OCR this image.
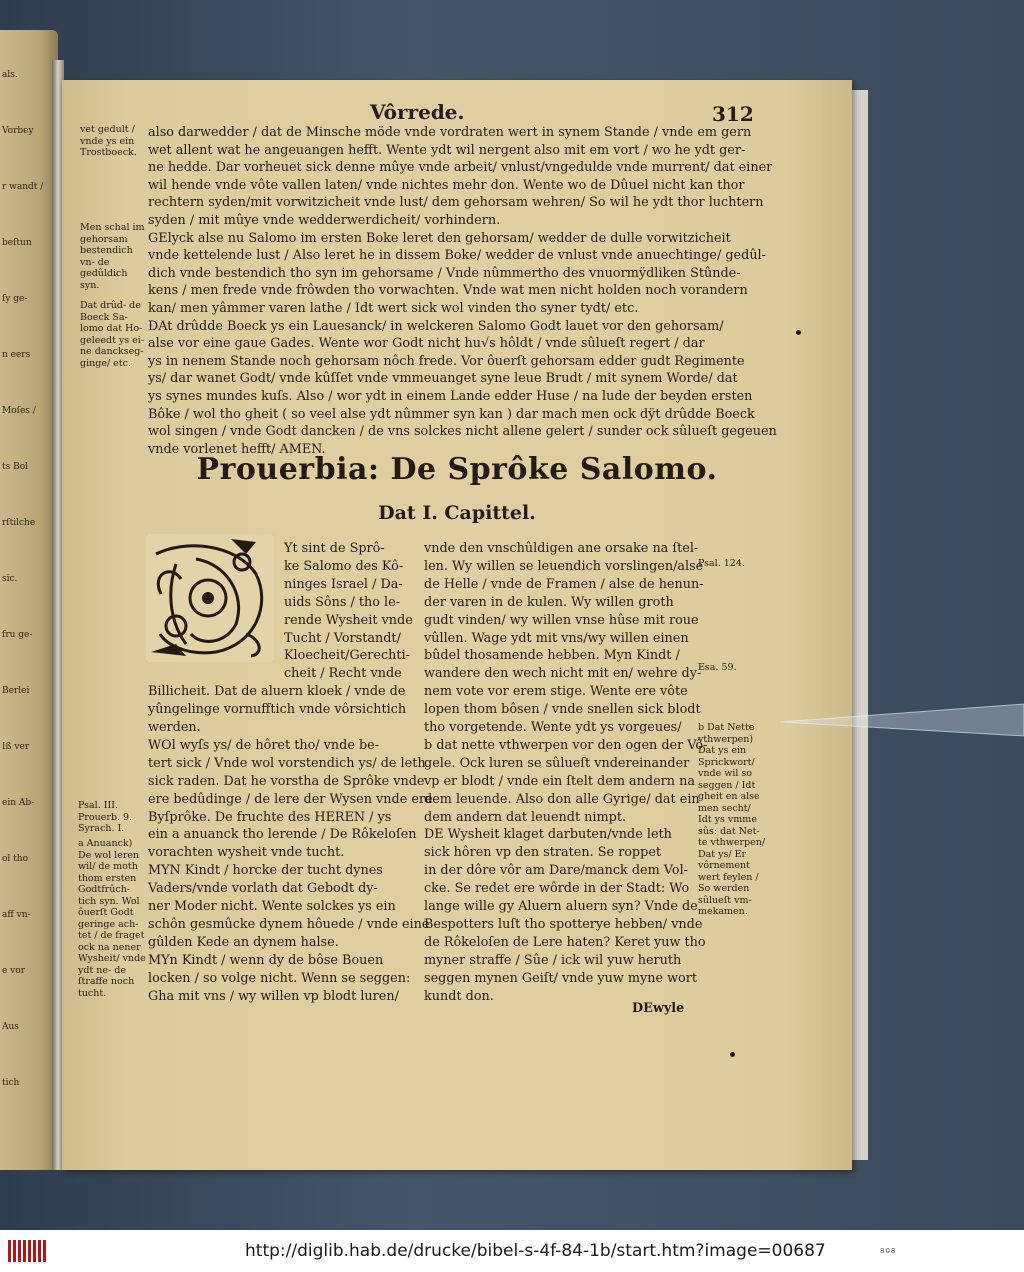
als.
Vorbey
r wandt /
beſtun
ſy ge-
n eers
Moſes /
ts Bol
rſtilche
sic.
fru ge-
Berlei
Iß ver
ein Ab-
ol tho
aff vn-
e vor
Aus
tich
Vôrrede.	312
vet gedult / vnde ys ein Trostboeck.
Men schal im gehorsam bestendich vn- de gedûldich syn.
Dat drûd- de Boeck Sa- lomo dat Ho- geleedt ys ei- ne danckseg- ginge/ etc.
also darwedder / dat de Minsche möde vnde vordraten wert in synem Stande / vnde em gern
wet allent wat he angeuangen hefft. Wente ydt wil nergent also mit em vort / wo he ydt ger-
ne hedde. Dar vorheuet sick denne mûye vnde arbeit/ vnlust/vngedulde vnde murrent/ dat einer
wil hende vnde vôte vallen laten/ vnde nichtes mehr don. Wente wo de Dûuel nicht kan thor
rechtern syden/mit vorwitzicheit vnde lust/ dem gehorsam wehren/ So wil he ydt thor luchtern
syden / mit mûye vnde wedderwerdicheit/ vorhindern.
GElyck alse nu Salomo im ersten Boke leret den gehorsam/ wedder de dulle vorwitzicheit
vnde kettelende lust / Also leret he in dissem Boke/ wedder de vnlust vnde anuechtinge/ gedûl-
dich vnde bestendich tho syn im gehorsame / Vnde nûmmertho des vnuormÿdliken Stûnde-
kens / men frede vnde frôwden tho vorwachten. Vnde wat men nicht holden noch vorandern
kan/ men yâmmer varen lathe / Idt wert sick wol vinden tho syner tydt/ etc.
DAt drûdde Boeck ys ein Lauesanck/ in welckeren Salomo Godt lauet vor den gehorsam/
alse vor eine gaue Gades. Wente wor Godt nicht hu√s hôldt / vnde sûlueſt regert / dar
ys in nenem Stande noch gehorsam nôch frede. Vor ôuerſt gehorsam edder gudt Regimente
ys/ dar wanet Godt/ vnde kûſſet vnde vmmeuanget syne leue Brudt / mit synem Worde/ dat
ys synes mundes kuſs. Also / wor ydt in einem Lande edder Huse / na lude der beyden ersten
Bôke / wol tho gheit ( so veel alse ydt nûmmer syn kan ) dar mach men ock dÿt drûdde Boeck
wol singen / vnde Godt dancken / de vns solckes nicht allene gelert / sunder ock sûlueſt gegeuen
vnde vorlenet hefft/ AMEN.
Prouerbia: De Sprôke Salomo.
Dat I. Capittel.
Yt sint de Sprô-
ke Salomo des Kô-
ninges Israel / Da-
uids Sôns / tho le-
rende Wysheit vnde
Tucht / Vorstandt/
Kloecheit/Gerechti-
cheit / Recht vnde
Billicheit. Dat de aluern kloek / vnde de
yûngelinge vornufftich vnde vôrsichtich
werden.
WOl wyſs ys/ de hôret tho/ vnde be-
tert sick / Vnde wol vorstendich ys/ de leth
sick raden. Dat he vorstha de Sprôke vnde
ere bedûdinge / de lere der Wysen vnde ere
Byſprôke. De fruchte des HEREN / ys
ein a anuanck tho lerende / De Rôkeloſen
vorachten wysheit vnde tucht.
MYN Kindt / horcke der tucht dynes
Vaders/vnde vorlath dat Gebodt dy-
ner Moder nicht. Wente solckes ys ein
schôn gesmûcke dynem hôuede / vnde eine
gûlden Kede an dynem halse.
MYn Kindt / wenn dy de bôse Bouen
locken / so volge nicht. Wenn se seggen:
Gha mit vns / wy willen vp blodt luren/
vnde den vnschûldigen ane orsake na ſtel-
len. Wy willen se leuendich vorslingen/alse
de Helle / vnde de Framen / alse de henun-
der varen in de kulen. Wy willen groth
gudt vinden/ wy willen vnse hûse mit roue
vûllen. Wage ydt mit vns/wy willen einen
bûdel thosamende hebben. Myn Kindt /
wandere den wech nicht mit en/ wehre dy-
nem vote vor erem stige. Wente ere vôte
lopen thom bôsen / vnde snellen sick blodt
tho vorgetende. Wente ydt ys vorgeues/
b dat nette vthwerpen vor den ogen der Vô-
gele. Ock luren se sûlueſt vndereinander
vp er blodt / vnde ein ſtelt dem andern na
dem leuende. Also don alle Gyrige/ dat ein
dem andern dat leuendt nimpt.
DE Wysheit klaget darbuten/vnde leth
sick hôren vp den straten. Se roppet
in der dôre vôr am Dare/manck dem Vol-
cke. Se redet ere wôrde in der Stadt: Wo
lange wille gy Aluern aluern syn? Vnde de
Bespotters luſt tho spotterye hebben/ vnde
de Rôkeloſen de Lere haten? Keret yuw tho
myner straffe / Sûe / ick wil yuw heruth
seggen mynen Geiſt/ vnde yuw myne wort
kundt don.
Psal. III. Prouerb. 9. Syrach. I.
a Anuanck) De wol leren wil/ de moth thom ersten Godtfrûch- tich syn. Wol ôuerſt Godt geringe ach- tet / de fraget ock na nener Wysheit/ vnde ydt ne- de ſtraffe noch tucht.
Psal. 124.
Esa. 59.
b Dat Nette vthwerpen) Dat ys ein Sprickwort/ vnde wil so seggen / Idt gheit en alse men secht/ Idt ys vmme sûs: dat Net- te vthwerpen/ Dat ys/ Er vôrnement wert feylen / So werden sûlueſt vm- mekamen.
DEwyle
http://diglib.hab.de/drucke/bibel-s-4f-84-1b/start.htm?image=00687	808
